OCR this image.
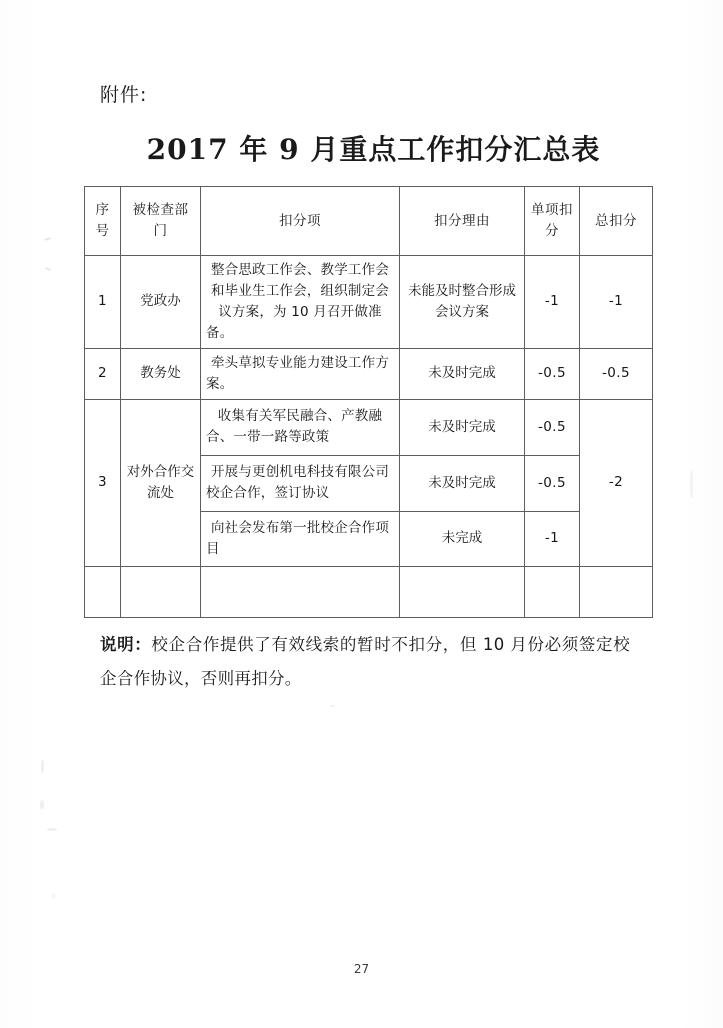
附件:
2017 年 9 月重点工作扣分汇总表
序号	被检查部门	扣分项	扣分理由	单项扣分	总扣分
1	党政办	整合思政工作会、教学工作会和毕业生工作会，组织制定会议方案，为 10 月召开做准备。	未能及时整合形成会议方案	-1	-1
2	教务处	牵头草拟专业能力建设工作方案。	未及时完成	-0.5	-0.5
3	对外合作交流处	收集有关军民融合、产教融合、一带一路等政策	未及时完成	-0.5	-2
		开展与更创机电科技有限公司校企合作，签订协议	未及时完成	-0.5	
		向社会发布第一批校企合作项目	未完成	-1	

说明：校企合作提供了有效线索的暂时不扣分，但 10 月份必须签定校企合作协议，否则再扣分。
27
